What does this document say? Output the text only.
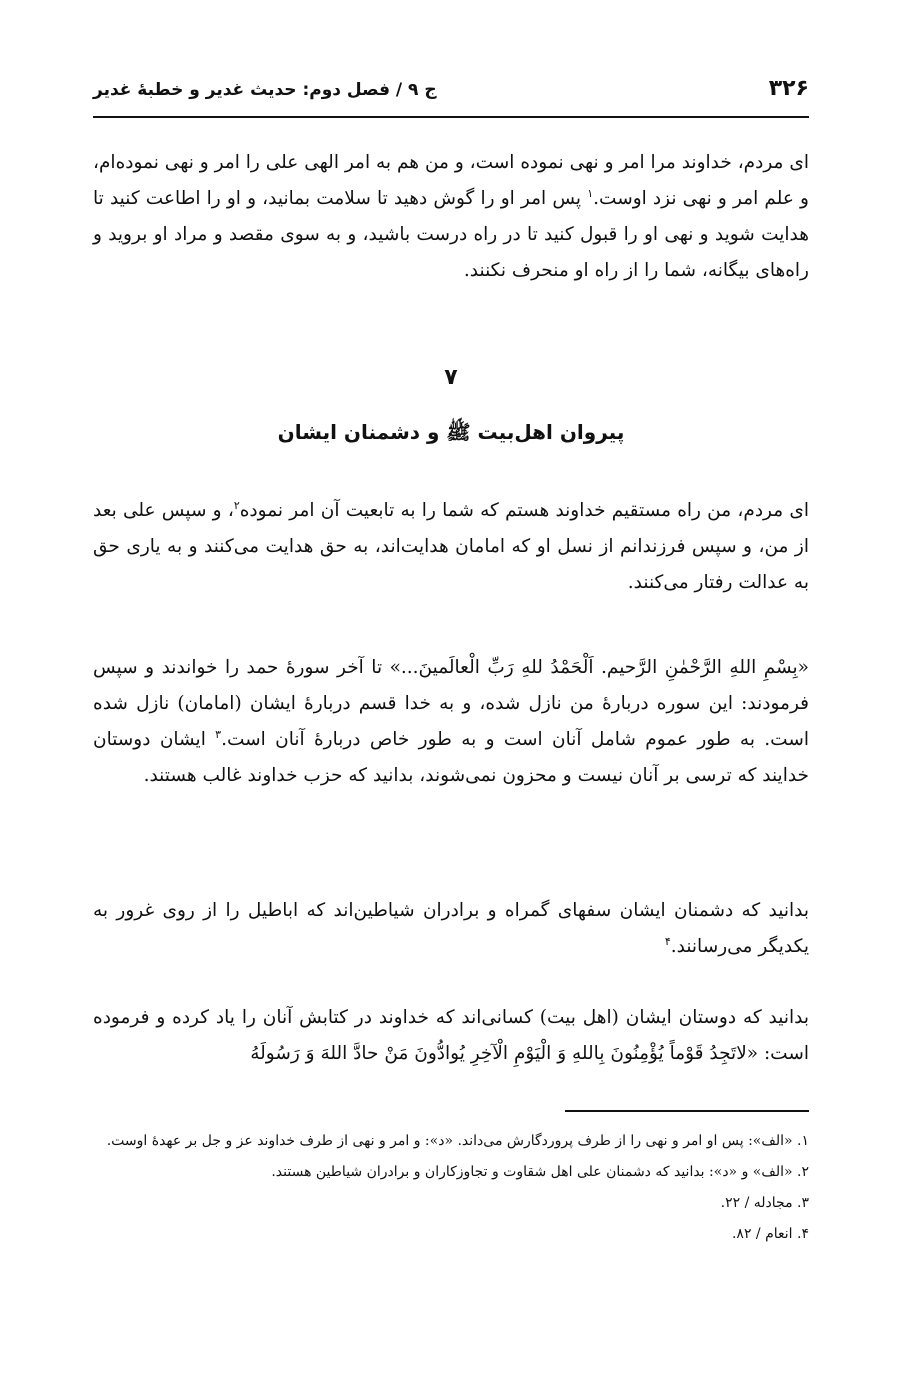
۳۲۶
ج ۹ / فصل دوم: حدیث غدیر و خطبهٔ غدیر

ای مردم، خداوند مرا امر و نهی نموده است، و من هم به امر الهی علی را امر و نهی نموده‌ام، و علم امر و نهی نزد اوست.$^۱$ پس امر او را گوش دهید تا سلامت بمانید، و او را اطاعت کنید تا هدایت شوید و نهی او را قبول کنید تا در راه درست باشید، و به سوی مقصد و مراد او بروید و راه‌های بیگانه، شما را از راه او منحرف نکنند.

۷
پیروان اهل‌بیت ﷺ و دشمنان ایشان

ای مردم، من راه مستقیم خداوند هستم که شما را به تابعیت آن امر نموده$^۲$، و سپس علی بعد از من، و سپس فرزندانم از نسل او که امامان هدایت‌اند، به حق هدایت می‌کنند و به یاری حق به عدالت رفتار می‌کنند.

«بِسْمِ اللهِ الرَّحْمٰنِ الرَّحیم. اَلْحَمْدُ للهِ رَبِّ الْعالَمینَ...» تا آخر سورهٔ حمد را خواندند و سپس فرمودند: این سوره دربارهٔ من نازل شده، و به خدا قسم دربارهٔ ایشان (امامان) نازل شده است. به طور عموم شامل آنان است و به طور خاص دربارهٔ آنان است.$^۳$ ایشان دوستان خدایند که ترسی بر آنان نیست و محزون نمی‌شوند، بدانید که حزب خداوند غالب هستند.

بدانید که دشمنان ایشان سفهای گمراه و برادران شیاطین‌اند که اباطیل را از روی غرور به یکدیگر می‌رسانند.$^۴$

بدانید که دوستان ایشان (اهل بیت) کسانی‌اند که خداوند در کتابش آنان را یاد کرده و فرموده است: «لاتَجِدُ قَوْماً یُؤْمِنُونَ بِاللهِ وَ الْیَوْمِ الْآخِرِ یُوادُّونَ مَنْ حادَّ اللهَ وَ رَسُولَهُ

۱. «الف»: پس او امر و نهی را از طرف پروردگارش می‌داند. «د»: و امر و نهی از طرف خداوند عز و جل بر عهدهٔ اوست.

۲. «الف» و «د»: بدانید که دشمنان علی اهل شقاوت و تجاوزکاران و برادران شیاطین هستند.

۳. مجادله / ۲۲.

۴. انعام / ۸۲.
